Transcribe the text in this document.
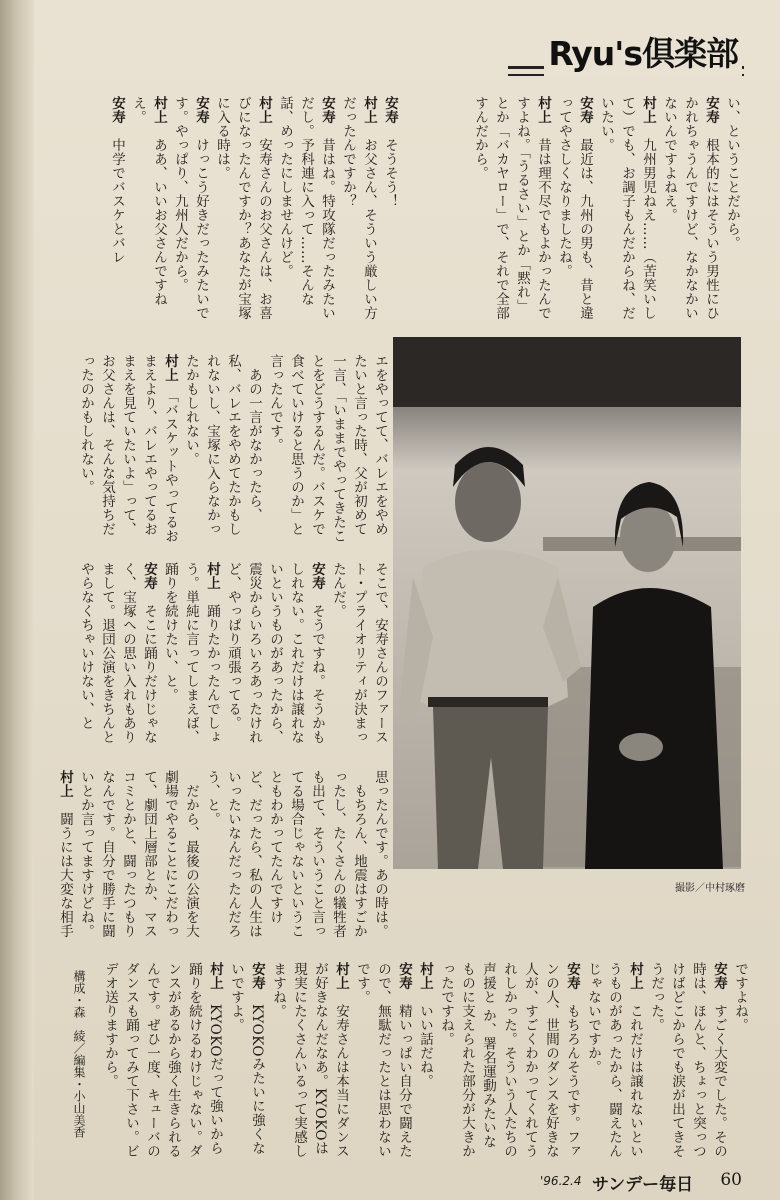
Ryu's倶楽部

い、ということだから。

安寿　根本的にはそういう男性にひかれちゃうんですけど、なかなかいないんですよねえ。

村上　九州男児ねえ……（苦笑いして）でも、お調子もんだからね、だいたい。

安寿　最近は、九州の男も、昔と違ってやさしくなりましたね。

村上　昔は理不尽でもよかったんですよね。「うるさい」とか「黙れ」とか「バカヤロー」で、それで全部すんだから。

安寿　そうそう！

村上　お父さん、そういう厳しい方だったんですか？

安寿　昔はね。特攻隊だったみたいだし。予科連に入って……そんな話、めったにしませんけど。

村上　安寿さんのお父さんは、お喜びになったんですか？あなたが宝塚に入る時は。

安寿　けっこう好きだったみたいです。やっぱり、九州人だから。

村上　ああ、いいお父さんですねえ。

安寿　中学でバスケとバレ

エをやってて、バレエをやめたいと言った時、父が初めて一言、「いままでやってきたことをどうするんだ。バスケで食べていけると思うのか」と言ったんです。

　あの一言がなかったら、私、バレエをやめてたかもしれないし、宝塚に入らなかったかもしれない。

村上　「バスケットやってるおまえより、バレエやってるおまえを見ていたいよ」って、お父さんは、そんな気持ちだったのかもしれない。

そこで、安寿さんのファースト・プライオリティが決まったんだ。

安寿　そうですね。そうかもしれない。これだけは譲れないというものがあったから、震災からいろいろあったけれど、やっぱり頑張ってる。

村上　踊りたかったんでしょう。単純に言ってしまえば、踊りを続けたい、と。

安寿　そこに踊りだけじゃなく、宝塚への思い入れもありまして。退団公演をきちんとやらなくちゃいけない、と

思ったんです。あの時は。

　もちろん、地震はすごかったし、たくさんの犠牲者も出て、そういうこと言ってる場合じゃないということもわかってたんですけど、だったら、私の人生はいったいなんだったんだろう、と。

　だから、最後の公演を大劇場でやることにこだわって、劇団上層部とか、マスコミとかと、闘ったつもりなんです。自分で勝手に闘いとか言ってますけどね。

村上　闘うには大変な相手

ですよね。

安寿　すごく大変でした。その時は、ほんと、ちょっと突っつけばどこからでも涙が出てきそうだった。

村上　これだけは譲れないというものがあったから、闘えたんじゃないですか。

安寿　もちろんそうです。ファンの人、世間のダンスを好きな人が、すごくわかってくれてうれしかった。そういう人たちの声援と か、署名運動みたいなものに支えられた部分が大きかったですね。

村上　いい話だね。

安寿　精いっぱい自分で闘えたので、無駄だったとは思わないです。

村上　安寿さんは本当にダンスが好きなんだなあ。KYOKOは現実にたくさんいるって実感しますね。

安寿　KYOKOみたいに強くないですよ。

村上　KYOKOだって強いから踊りを続けるわけじゃない。ダンスがあるから強く生きられるんです。ぜひ一度、キューバのダンスも踊ってみて下さい。ビデオ送りますから。

撮影／中村琢磨
構成・森　綾／編集・小山美香
'96.2.4 サンデー毎日 60
